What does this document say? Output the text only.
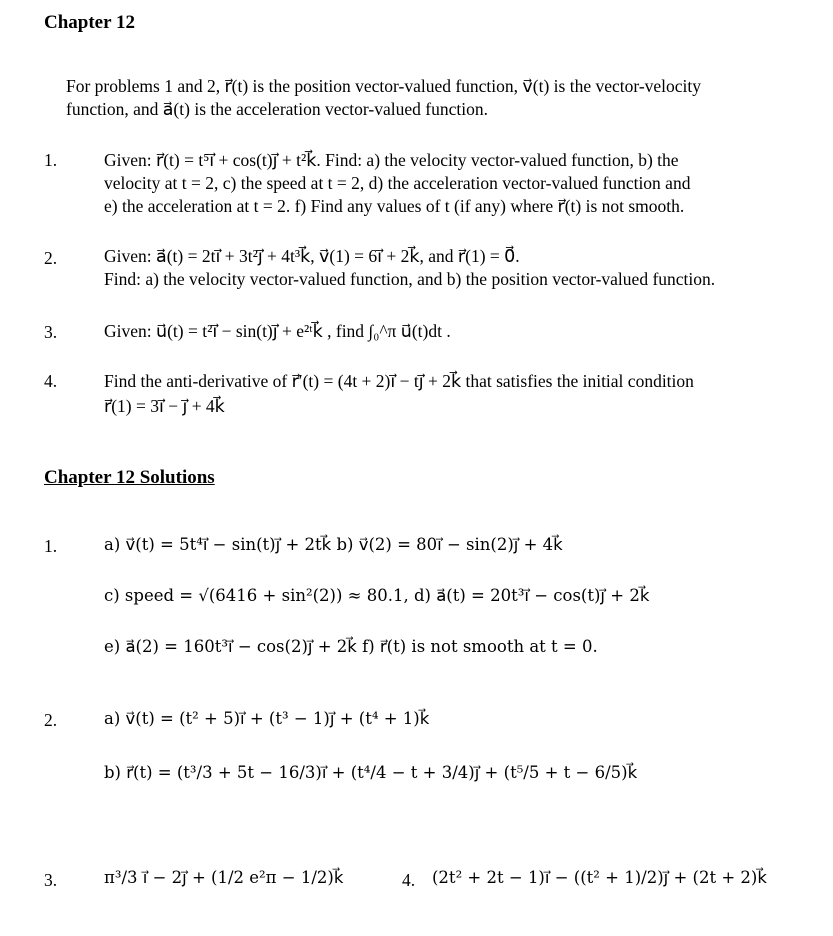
Chapter 12
For problems 1 and 2, r⃗(t) is the position vector-valued function, v⃗(t) is the vector-velocity
function, and a⃗(t) is the acceleration vector-valued function.
1.	Given: r⃗(t) = t⁵ı⃗ + cos(t)ȷ⃗ + t²k⃗. Find: a) the velocity vector-valued function, b) the
velocity at t = 2, c) the speed at t = 2, d) the acceleration vector-valued function and
e) the acceleration at t = 2. f) Find any values of t (if any) where r⃗(t) is not smooth.
2.	Given: a⃗(t) = 2tı⃗ + 3t²ȷ⃗ + 4t³k⃗, v⃗(1) = 6ı⃗ + 2k⃗, and r⃗(1) = 0⃗.
Find: a) the velocity vector-valued function, and b) the position vector-valued function.
3.	Given: u⃗(t) = t²ı⃗ − sin(t)ȷ⃗ + e²ᵗk⃗ , find ∫₀^π u⃗(t)dt .
4.	Find the anti-derivative of r⃗′(t) = (4t + 2)ı⃗ − tȷ⃗ + 2k⃗ that satisfies the initial condition
r⃗(1) = 3ı⃗ − ȷ⃗ + 4k⃗
Chapter 12 Solutions
1.	a) v⃗(t) = 5t⁴ı⃗ − sin(t)ȷ⃗ + 2tk⃗ b) v⃗(2) = 80ı⃗ − sin(2)ȷ⃗ + 4k⃗
c) speed = √(6416 + sin²(2)) ≈ 80.1, d) a⃗(t) = 20t³ı⃗ − cos(t)ȷ⃗ + 2k⃗
e) a⃗(2) = 160t³ı⃗ − cos(2)ȷ⃗ + 2k⃗ f) r⃗(t) is not smooth at t = 0.
2.	a) v⃗(t) = (t² + 5)ı⃗ + (t³ − 1)ȷ⃗ + (t⁴ + 1)k⃗
b) r⃗(t) = (t³/3 + 5t − 16/3)ı⃗ + (t⁴/4 − t + 3/4)ȷ⃗ + (t⁵/5 + t − 6/5)k⃗
3.	π³/3 ı⃗ − 2ȷ⃗ + (1/2 e²π − 1/2)k⃗	4. (2t² + 2t − 1)ı⃗ − ((t² + 1)/2)ȷ⃗ + (2t + 2)k⃗
